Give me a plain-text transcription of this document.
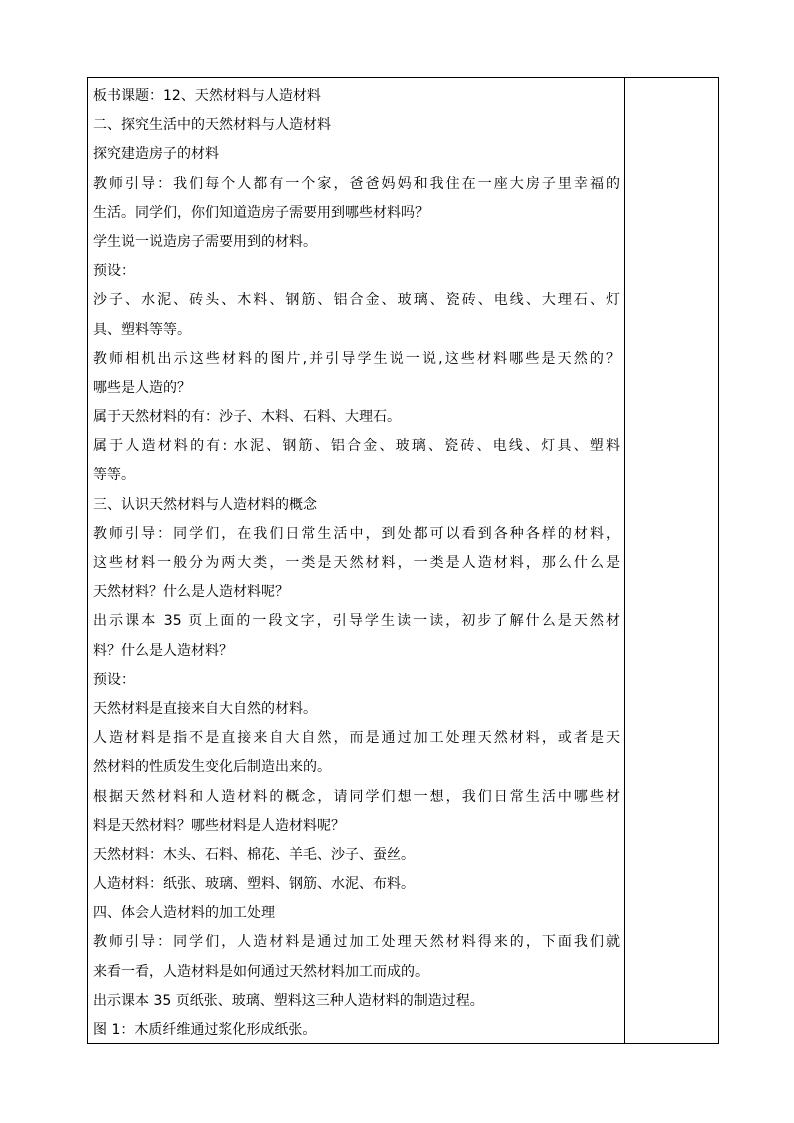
板书课题：12、天然材料与人造材料
二、探究生活中的天然材料与人造材料
探究建造房子的材料
教师引导：我们每个人都有一个家，爸爸妈妈和我住在一座大房子里幸福的
生活。同学们，你们知道造房子需要用到哪些材料吗？
学生说一说造房子需要用到的材料。
预设：
沙子、水泥、砖头、木料、钢筋、铝合金、玻璃、瓷砖、电线、大理石、灯
具、塑料等等。
教师相机出示这些材料的图片,并引导学生说一说,这些材料哪些是天然的？
哪些是人造的？
属于天然材料的有：沙子、木料、石料、大理石。
属于人造材料的有: 水泥、钢筋、铝合金、玻璃、瓷砖、电线、灯具、塑料
等等。
三、认识天然材料与人造材料的概念
教师引导：同学们，在我们日常生活中，到处都可以看到各种各样的材料，
这些材料一般分为两大类，一类是天然材料，一类是人造材料，那么什么是
天然材料？什么是人造材料呢？
出示课本 35 页上面的一段文字，引导学生读一读，初步了解什么是天然材
料？什么是人造材料？
预设：
天然材料是直接来自大自然的材料。
人造材料是指不是直接来自大自然，而是通过加工处理天然材料，或者是天
然材料的性质发生变化后制造出来的。
根据天然材料和人造材料的概念，请同学们想一想，我们日常生活中哪些材
料是天然材料？哪些材料是人造材料呢？
天然材料：木头、石料、棉花、羊毛、沙子、蚕丝。
人造材料：纸张、玻璃、塑料、钢筋、水泥、布料。
四、体会人造材料的加工处理
教师引导：同学们，人造材料是通过加工处理天然材料得来的，下面我们就
来看一看，人造材料是如何通过天然材料加工而成的。
出示课本 35 页纸张、玻璃、塑料这三种人造材料的制造过程。
图 1：木质纤维通过浆化形成纸张。
